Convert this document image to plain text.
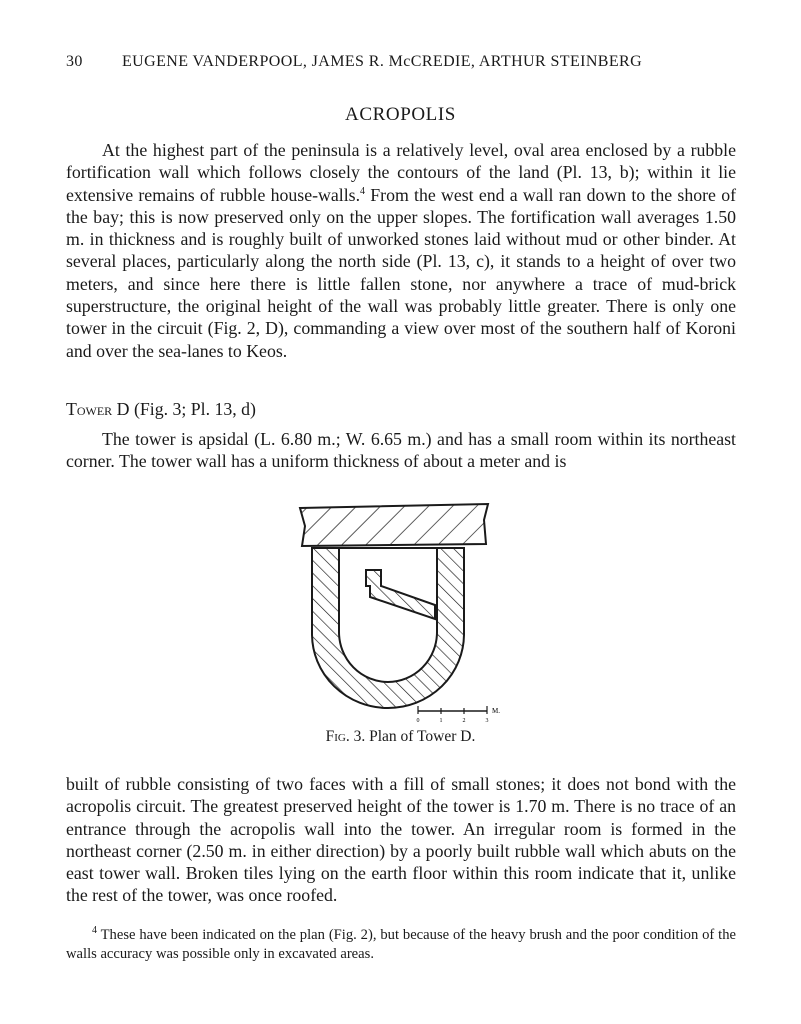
30 EUGENE VANDERPOOL, JAMES R. McCREDIE, ARTHUR STEINBERG
ACROPOLIS

At the highest part of the peninsula is a relatively level, oval area enclosed by a rubble fortification wall which follows closely the contours of the land (Pl. 13, b); within it lie extensive remains of rubble house-walls.$^4$ From the west end a wall ran down to the shore of the bay; this is now preserved only on the upper slopes. The fortification wall averages 1.50 m. in thickness and is roughly built of unworked stones laid without mud or other binder. At several places, particularly along the north side (Pl. 13, c), it stands to a height of over two meters, and since here there is little fallen stone, nor anywhere a trace of mud-brick superstructure, the original height of the wall was probably little greater. There is only one tower in the circuit (Fig. 2, D), commanding a view over most of the southern half of Koroni and over the sea-lanes to Keos.

Tower D (Fig. 3; Pl. 13, d)

The tower is apsidal (L. 6.80 m.; W. 6.65 m.) and has a small room within its northeast corner. The tower wall has a uniform thickness of about a meter and is

0	1	2	3
M.
Fig. 3. Plan of Tower D.

built of rubble consisting of two faces with a fill of small stones; it does not bond with the acropolis circuit. The greatest preserved height of the tower is 1.70 m. There is no trace of an entrance through the acropolis wall into the tower. An irregular room is formed in the northeast corner (2.50 m. in either direction) by a poorly built rubble wall which abuts on the east tower wall. Broken tiles lying on the earth floor within this room indicate that it, unlike the rest of the tower, was once roofed.

$^4$ These have been indicated on the plan (Fig. 2), but because of the heavy brush and the poor condition of the walls accuracy was possible only in excavated areas.
